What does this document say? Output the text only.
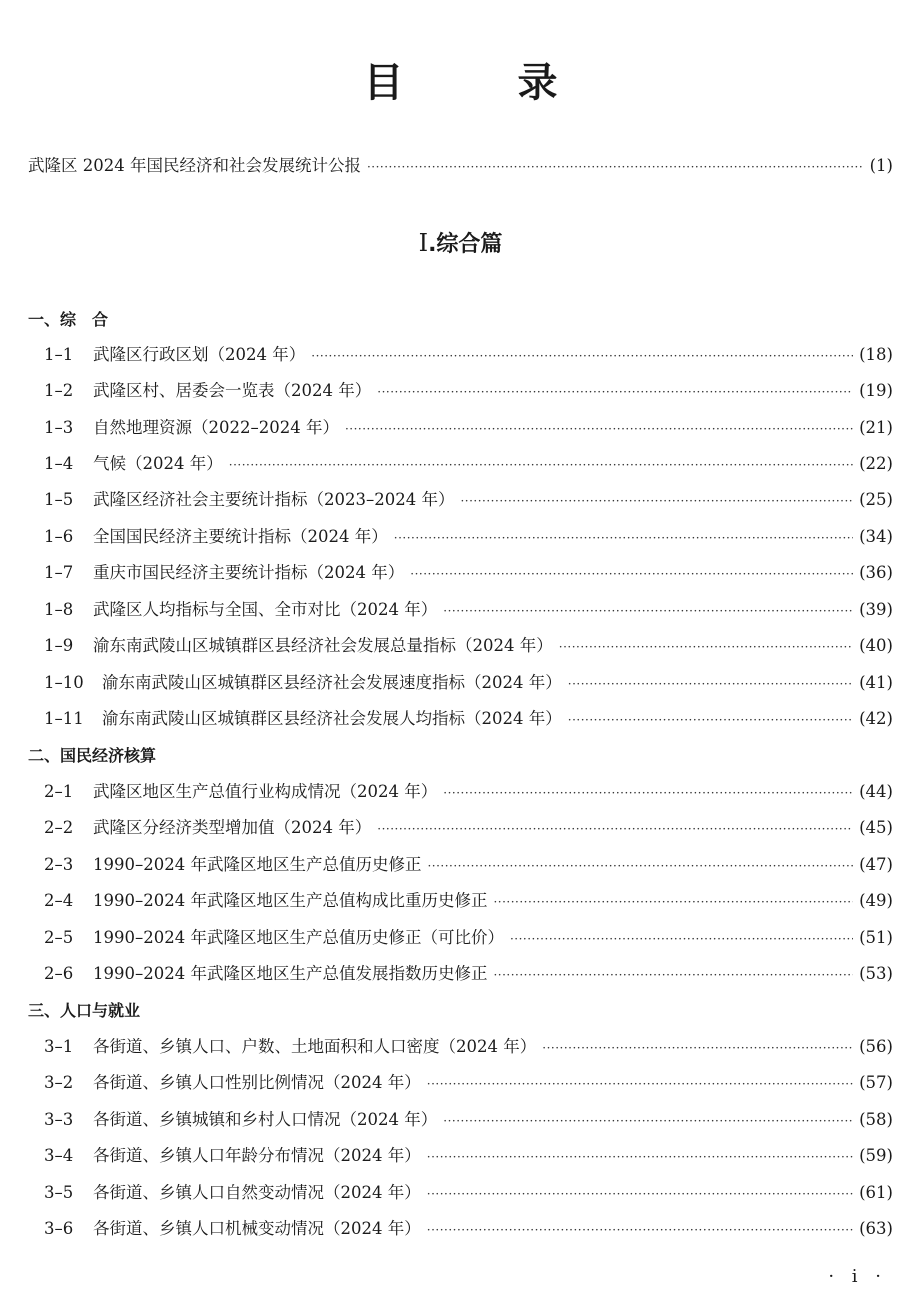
目 录
武隆区 2024 年国民经济和社会发展统计公报 ·····	(1)
Ⅰ.综合篇
一、综　合
1–1	武隆区行政区划（2024 年） ·····	(18)
1–2	武隆区村、居委会一览表（2024 年） ·····	(19)
1–3	自然地理资源（2022–2024 年） ·····	(21)
1–4	气候（2024 年） ·····	(22)
1–5	武隆区经济社会主要统计指标（2023–2024 年） ·····	(25)
1–6	全国国民经济主要统计指标（2024 年） ·····	(34)
1–7	重庆市国民经济主要统计指标（2024 年） ·····	(36)
1–8	武隆区人均指标与全国、全市对比（2024 年） ·····	(39)
1–9	渝东南武陵山区城镇群区县经济社会发展总量指标（2024 年） ·····	(40)
1–10	渝东南武陵山区城镇群区县经济社会发展速度指标（2024 年） ·····	(41)
1–11	渝东南武陵山区城镇群区县经济社会发展人均指标（2024 年） ·····	(42)
二、国民经济核算
2–1	武隆区地区生产总值行业构成情况（2024 年） ·····	(44)
2–2	武隆区分经济类型增加值（2024 年） ·····	(45)
2–3	1990–2024 年武隆区地区生产总值历史修正 ·····	(47)
2–4	1990–2024 年武隆区地区生产总值构成比重历史修正 ·····	(49)
2–5	1990–2024 年武隆区地区生产总值历史修正（可比价） ·····	(51)
2–6	1990–2024 年武隆区地区生产总值发展指数历史修正 ·····	(53)
三、人口与就业
3–1	各街道、乡镇人口、户数、土地面积和人口密度（2024 年） ·····	(56)
3–2	各街道、乡镇人口性别比例情况（2024 年） ·····	(57)
3–3	各街道、乡镇城镇和乡村人口情况（2024 年） ·····	(58)
3–4	各街道、乡镇人口年龄分布情况（2024 年） ·····	(59)
3–5	各街道、乡镇人口自然变动情况（2024 年） ·····	(61)
3–6	各街道、乡镇人口机械变动情况（2024 年） ·····	(63)
· i ·
